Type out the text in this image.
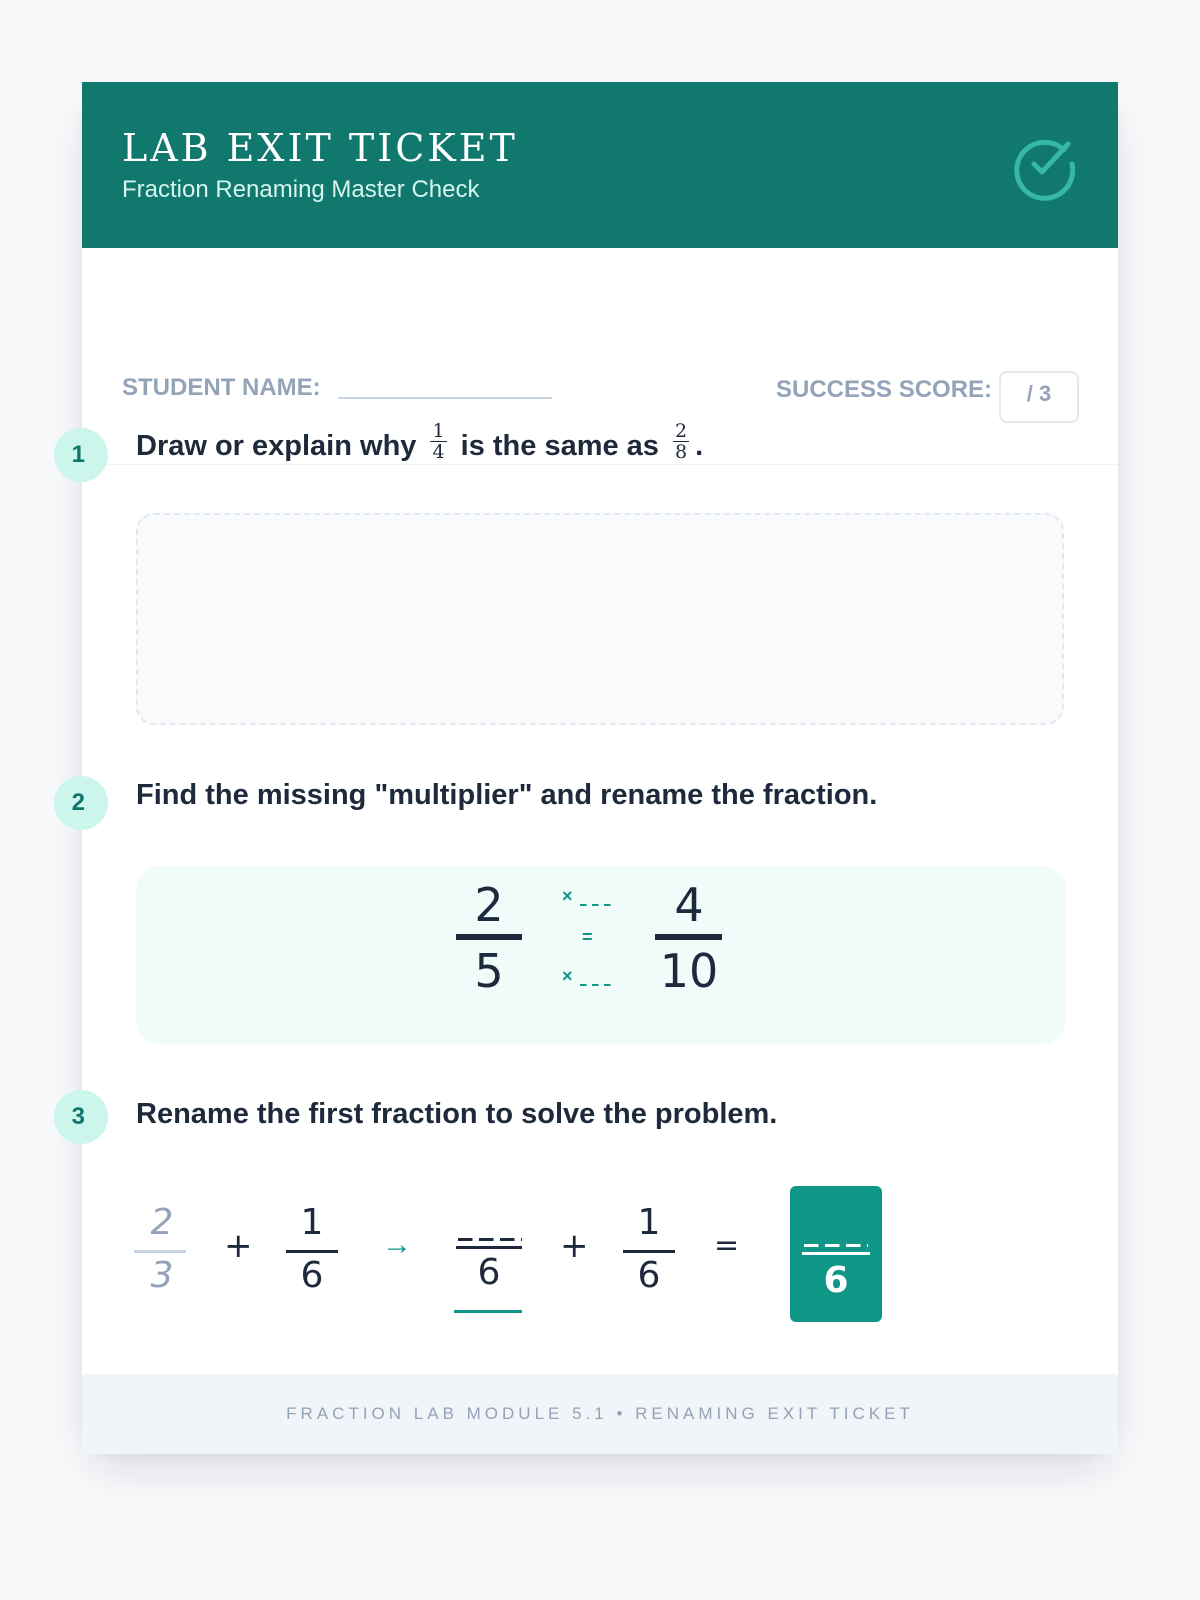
LAB EXIT TICKET
Fraction Renaming Master Check
STUDENT NAME:	SUCCESS SCORE:	/ 3
1	Draw or explain why $\frac{1}{4}$ is the same as $\frac{2}{8}$ .
2	Find the missing "multiplier" and rename the fraction.
2
5
×
=
×
4
10
3	Rename the first fraction to solve the problem.
2
3
+
1
6
→
6
+
1
6
=
6
FRACTION LAB MODULE 5.1 • RENAMING EXIT TICKET
